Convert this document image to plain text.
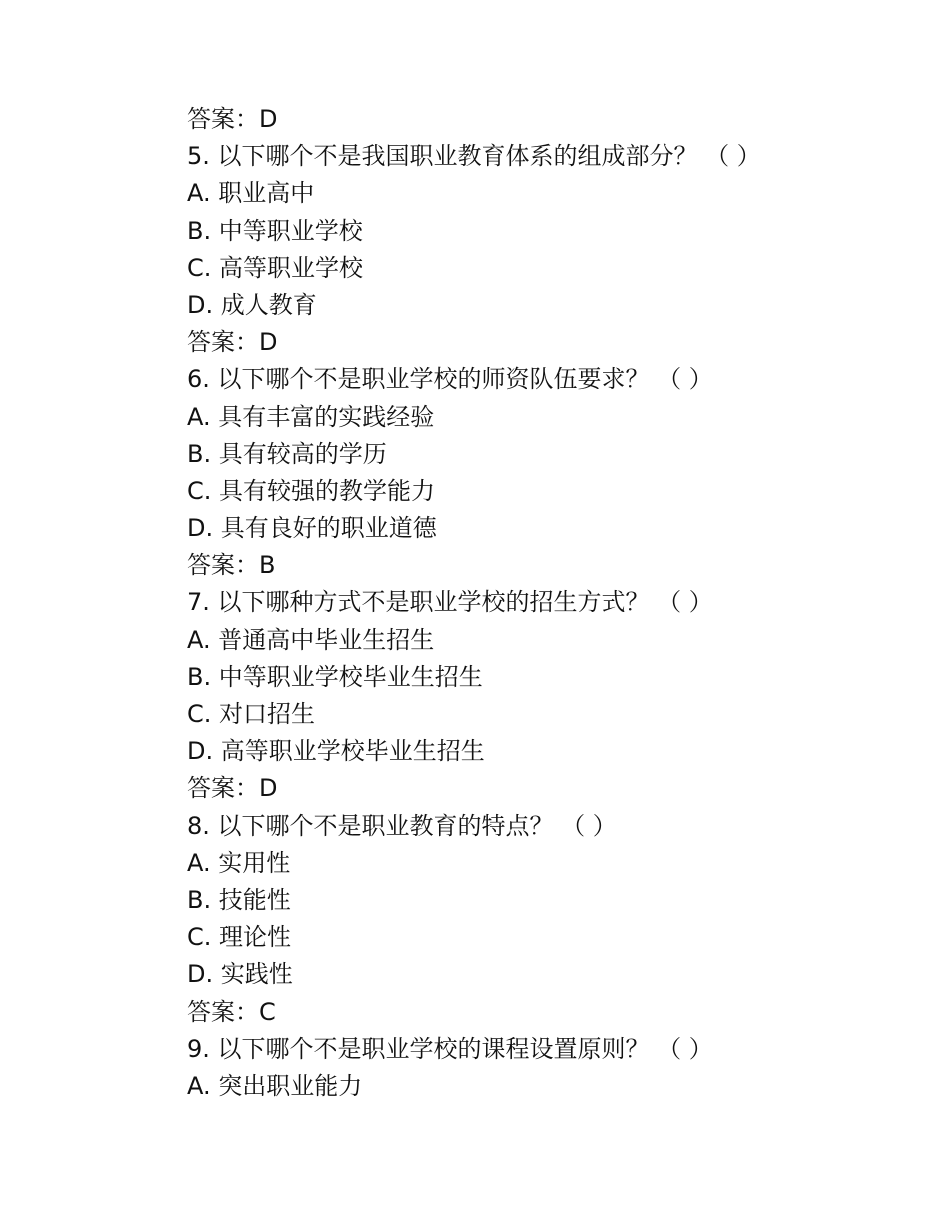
答案：D
5. 以下哪个不是我国职业教育体系的组成部分？ （ ）
A. 职业高中
B. 中等职业学校
C. 高等职业学校
D. 成人教育
答案：D
6. 以下哪个不是职业学校的师资队伍要求？ （ ）
A. 具有丰富的实践经验
B. 具有较高的学历
C. 具有较强的教学能力
D. 具有良好的职业道德
答案：B
7. 以下哪种方式不是职业学校的招生方式？ （ ）
A. 普通高中毕业生招生
B. 中等职业学校毕业生招生
C. 对口招生
D. 高等职业学校毕业生招生
答案：D
8. 以下哪个不是职业教育的特点？ （ ）
A. 实用性
B. 技能性
C. 理论性
D. 实践性
答案：C
9. 以下哪个不是职业学校的课程设置原则？ （ ）
A. 突出职业能力
